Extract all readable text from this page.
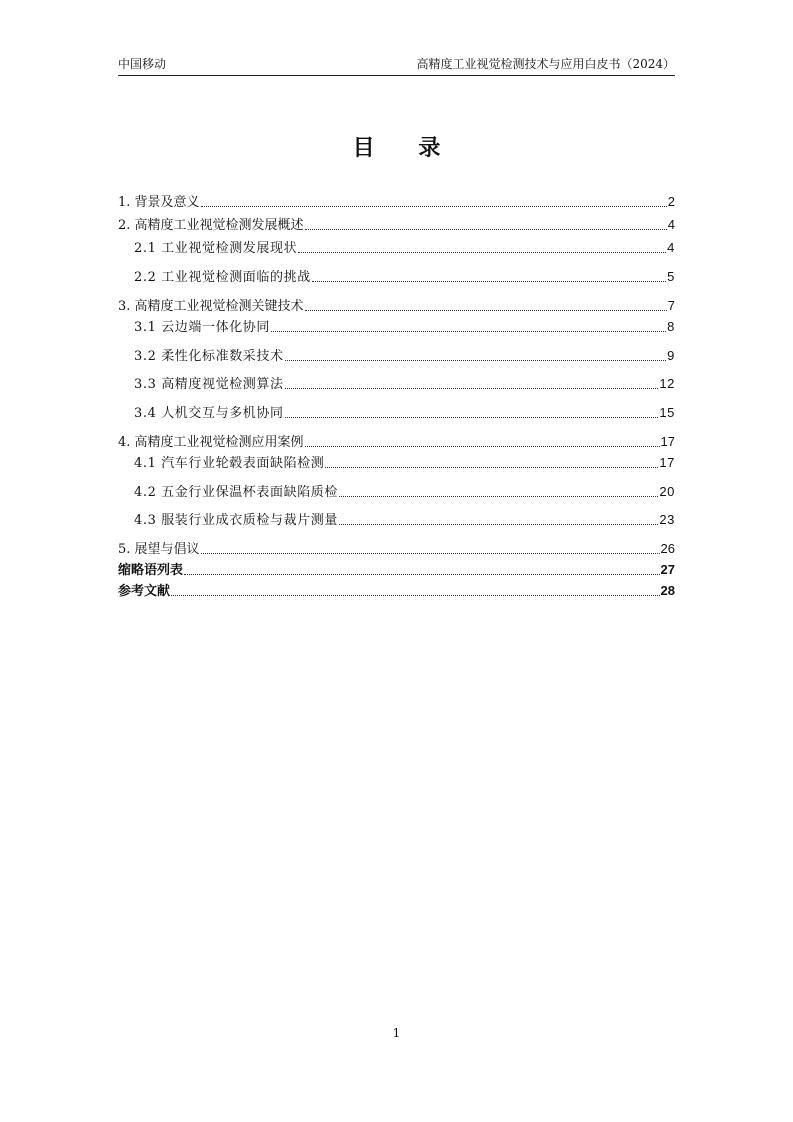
中国移动	高精度工业视觉检测技术与应用白皮书（2024）
目 录
1. 背景及意义	2
2. 高精度工业视觉检测发展概述	4
2.1 工业视觉检测发展现状	4
2.2 工业视觉检测面临的挑战	5
3. 高精度工业视觉检测关键技术	7
3.1 云边端一体化协同	8
3.2 柔性化标准数采技术	9
3.3 高精度视觉检测算法	12
3.4 人机交互与多机协同	15
4. 高精度工业视觉检测应用案例	17
4.1 汽车行业轮毂表面缺陷检测	17
4.2 五金行业保温杯表面缺陷质检	20
4.3 服装行业成衣质检与裁片测量	23
5. 展望与倡议	26
缩略语列表	27
参考文献	28
1
